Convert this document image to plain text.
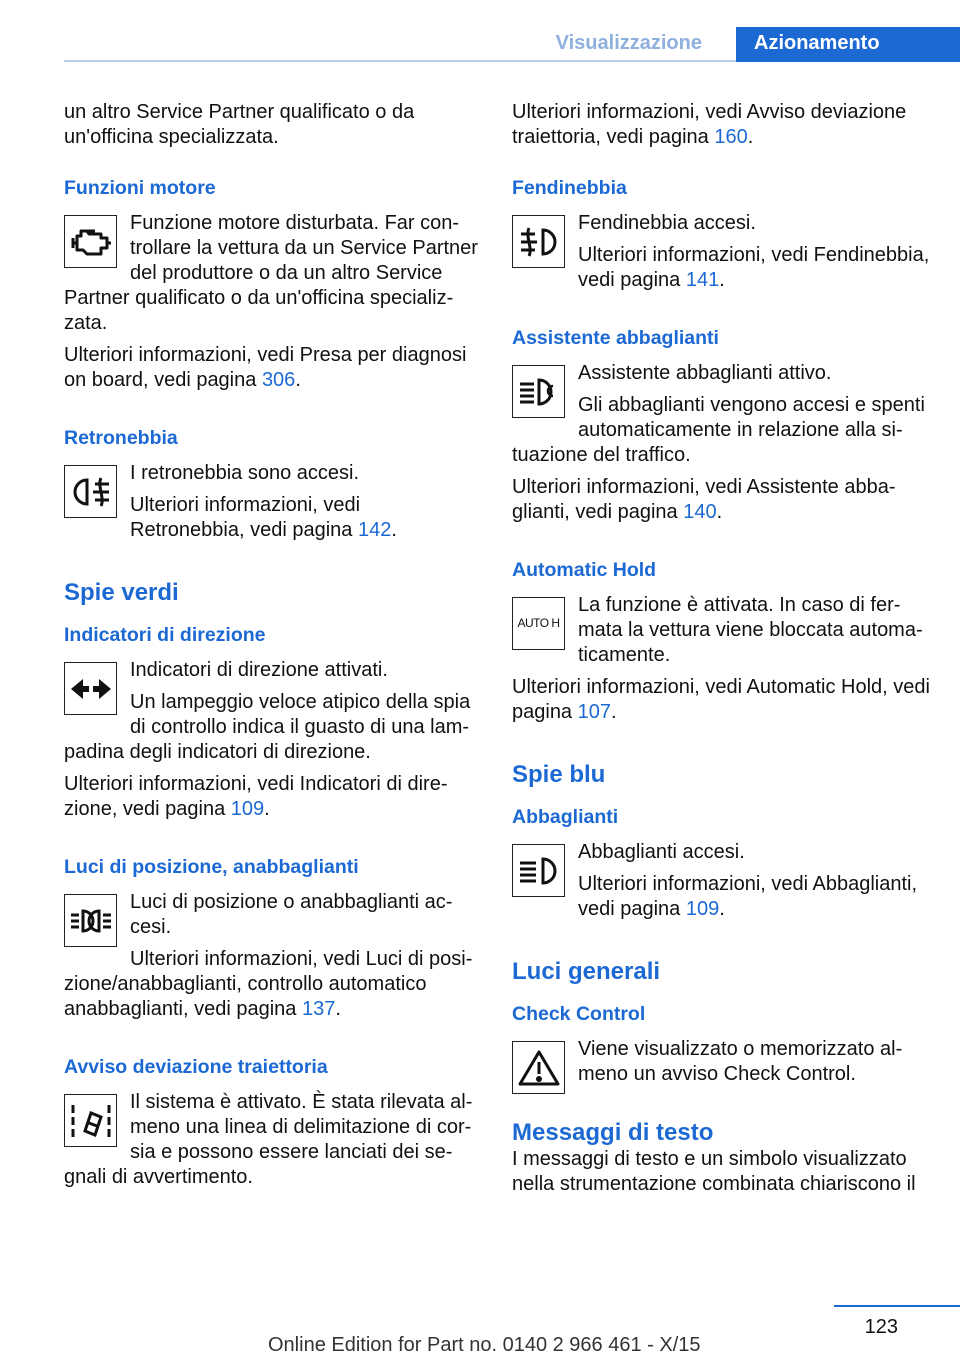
Visualizzazione	Azionamento

un altro Service Partner qualificato o da un'officina specializzata.

Funzioni motore

Funzione motore disturbata. Far controllare la vettura da un Service Partner del produttore o da un altro Service Partner qualificato o da un'officina specializzata.

Ulteriori informazioni, vedi Presa per diagnosi on board, vedi pagina 306.

Retronebbia

I retronebbia sono accesi.

Ulteriori informazioni, vedi Retronebbia, vedi pagina 142.

Spie verdi
Indicatori di direzione

Indicatori di direzione attivati.

Un lampeggio veloce atipico della spia di controllo indica il guasto di una lampadina degli indicatori di direzione.

Ulteriori informazioni, vedi Indicatori di direzione, vedi pagina 109.

Luci di posizione, anabbaglianti

Luci di posizione o anabbaglianti accesi.

Ulteriori informazioni, vedi Luci di posizione/anabbaglianti, controllo automatico anabbaglianti, vedi pagina 137.

Avviso deviazione traiettoria

Il sistema è attivato. È stata rilevata almeno una linea di delimitazione di corsia e possono essere lanciati dei segnali di avvertimento.

Ulteriori informazioni, vedi Avviso deviazione traiettoria, vedi pagina 160.

Fendinebbia

Fendinebbia accesi.

Ulteriori informazioni, vedi Fendinebbia, vedi pagina 141.

Assistente abbaglianti

Assistente abbaglianti attivo.

Gli abbaglianti vengono accesi e spenti automaticamente in relazione alla situazione del traffico.

Ulteriori informazioni, vedi Assistente abbaglianti, vedi pagina 140.

Automatic Hold
AUTO H

La funzione è attivata. In caso di fermata la vettura viene bloccata automaticamente.

Ulteriori informazioni, vedi Automatic Hold, vedi pagina 107.

Spie blu
Abbaglianti

Abbaglianti accesi.

Ulteriori informazioni, vedi Abbaglianti, vedi pagina 109.

Luci generali
Check Control

Viene visualizzato o memorizzato almeno un avviso Check Control.

Messaggi di testo

I messaggi di testo e un simbolo visualizzato nella strumentazione combinata chiariscono il

123
Online Edition for Part no. 0140 2 966 461 - X/15
